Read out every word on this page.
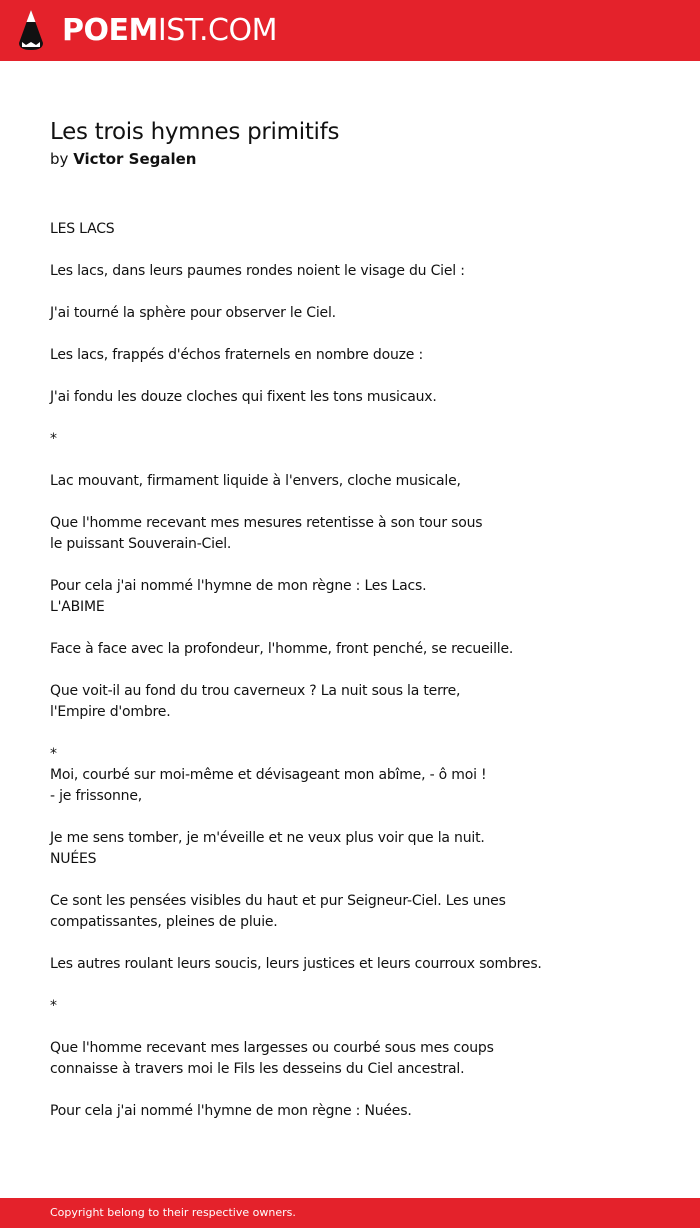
POEMIST.COM
Les trois hymnes primitifs

by Victor Segalen

LES LACS
Les lacs, dans leurs paumes rondes noient le visage du Ciel :
J'ai tourné la sphère pour observer le Ciel.
Les lacs, frappés d'échos fraternels en nombre douze :
J'ai fondu les douze cloches qui fixent les tons musicaux.
*
Lac mouvant, firmament liquide à l'envers, cloche musicale,
Que l'homme recevant mes mesures retentisse à son tour sous
le puissant Souverain-Ciel.
Pour cela j'ai nommé l'hymne de mon règne : Les Lacs.
L'ABIME
Face à face avec la profondeur, l'homme, front penché, se recueille.
Que voit-il au fond du trou caverneux ? La nuit sous la terre,
l'Empire d'ombre.
*
Moi, courbé sur moi-même et dévisageant mon abîme, - ô moi !
- je frissonne,
Je me sens tomber, je m'éveille et ne veux plus voir que la nuit.
NUÉES
Ce sont les pensées visibles du haut et pur Seigneur-Ciel. Les unes
compatissantes, pleines de pluie.
Les autres roulant leurs soucis, leurs justices et leurs courroux sombres.
*
Que l'homme recevant mes largesses ou courbé sous mes coups
connaisse à travers moi le Fils les desseins du Ciel ancestral.
Pour cela j'ai nommé l'hymne de mon règne : Nuées.
Copyright belong to their respective owners.
